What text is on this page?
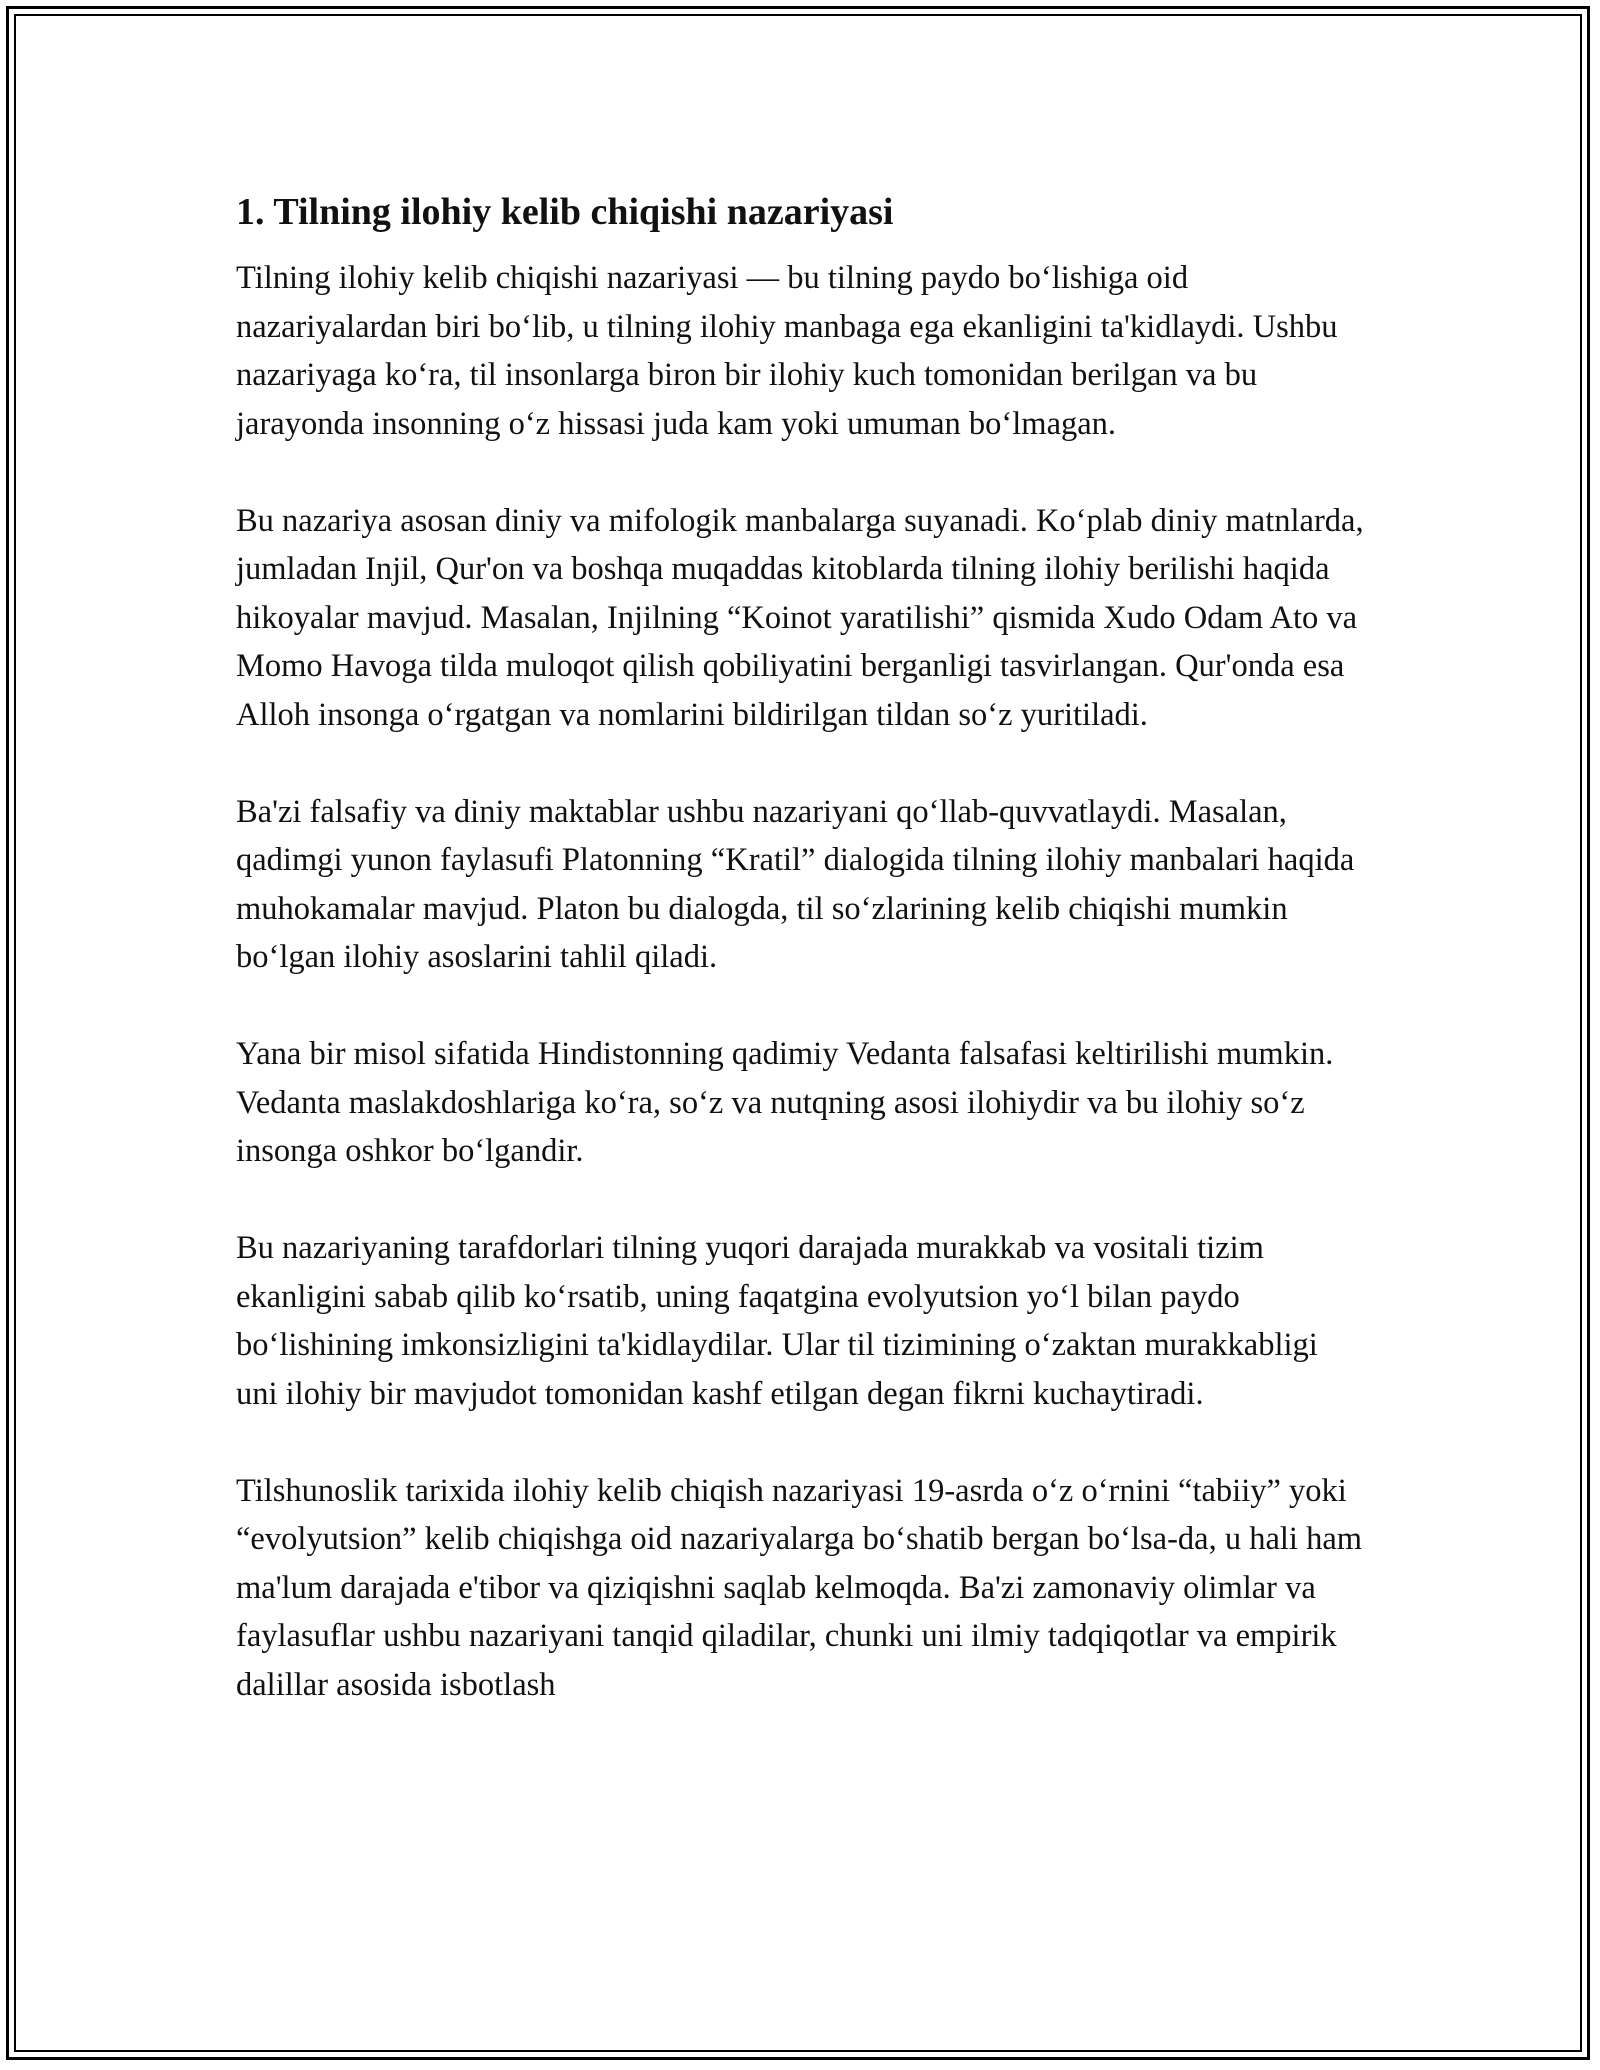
1. Tilning ilohiy kelib chiqishi nazariyasi

Tilning ilohiy kelib chiqishi nazariyasi — bu tilning paydo bo‘lishiga oid nazariyalardan biri bo‘lib, u tilning ilohiy manbaga ega ekanligini ta'kidlaydi. Ushbu nazariyaga ko‘ra, til insonlarga biron bir ilohiy kuch tomonidan berilgan va bu jarayonda insonning o‘z hissasi juda kam yoki umuman bo‘lmagan.

Bu nazariya asosan diniy va mifologik manbalarga suyanadi. Ko‘plab diniy matnlarda, jumladan Injil, Qur'on va boshqa muqaddas kitoblarda tilning ilohiy berilishi haqida hikoyalar mavjud. Masalan, Injilning “Koinot yaratilishi” qismida Xudo Odam Ato va Momo Havoga tilda muloqot qilish qobiliyatini berganligi tasvirlangan. Qur'onda esa Alloh insonga o‘rgatgan va nomlarini bildirilgan tildan so‘z yuritiladi.

Ba'zi falsafiy va diniy maktablar ushbu nazariyani qo‘llab-quvvatlaydi. Masalan, qadimgi yunon faylasufi Platonning “Kratil” dialogida tilning ilohiy manbalari haqida muhokamalar mavjud. Platon bu dialogda, til so‘zlarining kelib chiqishi mumkin bo‘lgan ilohiy asoslarini tahlil qiladi.

Yana bir misol sifatida Hindistonning qadimiy Vedanta falsafasi keltirilishi mumkin. Vedanta maslakdoshlariga ko‘ra, so‘z va nutqning asosi ilohiydir va bu ilohiy so‘z insonga oshkor bo‘lgandir.

Bu nazariyaning tarafdorlari tilning yuqori darajada murakkab va vositali tizim ekanligini sabab qilib ko‘rsatib, uning faqatgina evolyutsion yo‘l bilan paydo bo‘lishining imkonsizligini ta'kidlaydilar. Ular til tizimining o‘zaktan murakkabligi uni ilohiy bir mavjudot tomonidan kashf etilgan degan fikrni kuchaytiradi.

Tilshunoslik tarixida ilohiy kelib chiqish nazariyasi 19-asrda o‘z o‘rnini “tabiiy” yoki “evolyutsion” kelib chiqishga oid nazariyalarga bo‘shatib bergan bo‘lsa-da, u hali ham ma'lum darajada e'tibor va qiziqishni saqlab kelmoqda. Ba'zi zamonaviy olimlar va faylasuflar ushbu nazariyani tanqid qiladilar, chunki uni ilmiy tadqiqotlar va empirik dalillar asosida isbotlash
